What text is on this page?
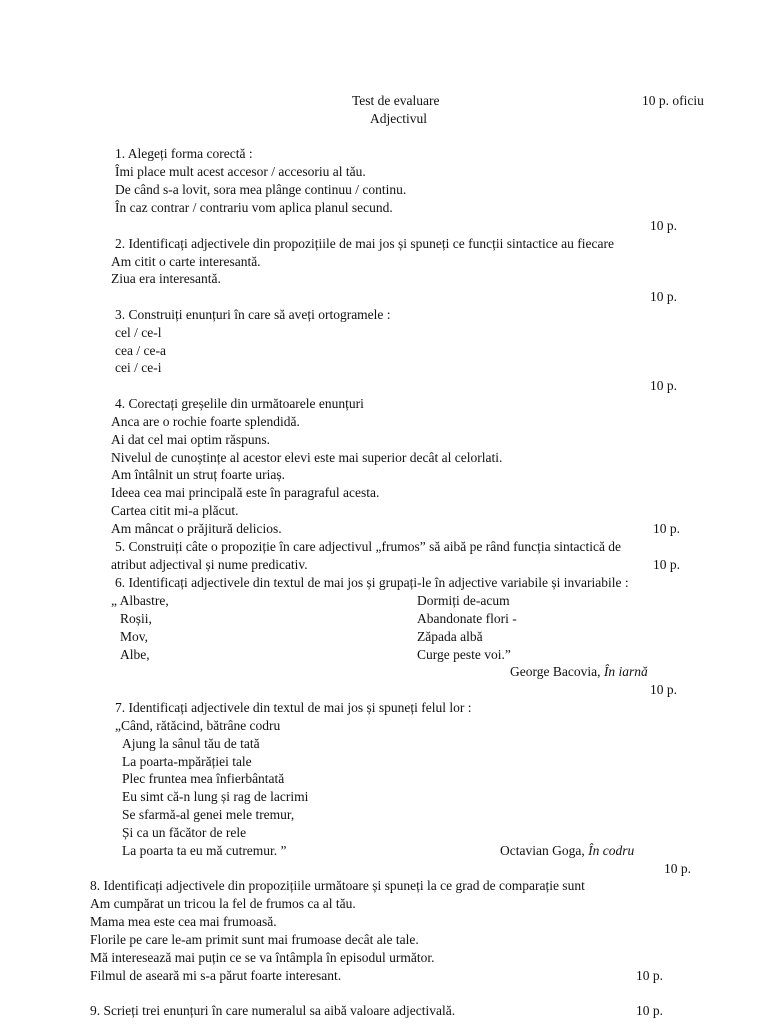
Test de evaluare	10 p. oficiu
Adjectivul
1. Alegeți forma corectă :
Îmi place mult acest accesor / accesoriu al tău.
De când s-a lovit, sora mea plânge continuu / continu.
În caz contrar / contrariu vom aplica planul secund.
10 p.
2. Identificați adjectivele din propozițiile de mai jos și spuneți ce funcții sintactice au fiecare
Am citit o carte interesantă.
Ziua era interesantă.
10 p.
3. Construiți enunțuri în care să aveți ortogramele :
cel / ce-l
cea / ce-a
cei / ce-i
10 p.
4. Corectați greșelile din următoarele enunțuri
Anca are o rochie foarte splendidă.
Ai dat cel mai optim răspuns.
Nivelul de cunoștințe al acestor elevi este mai superior decât al celorlati.
Am întâlnit un struț foarte uriaș.
Ideea cea mai principală este în paragraful acesta.
Cartea citit mi-a plăcut.
Am mâncat o prăjitură delicios.	10 p.
5. Construiți câte o propoziție în care adjectivul „frumos” să aibă pe rând funcția sintactică de
atribut adjectival și nume predicativ.	10 p.
6. Identificați adjectivele din textul de mai jos și grupați-le în adjective variabile și invariabile :
„ Albastre,
Roșii,
Mov,
Albe,
Dormiți de-acum
Abandonate flori -
Zăpada albă
Curge peste voi.”
George Bacovia, În iarnă
10 p.
7. Identificați adjectivele din textul de mai jos și spuneți felul lor :
„Când, rătăcind, bătrâne codru
Ajung la sânul tău de tată
La poarta-mpărăției tale
Plec fruntea mea înfierbântată
Eu simt că-n lung și rag de lacrimi
Se sfarmă-al genei mele tremur,
Și ca un făcător de rele
La poarta ta eu mă cutremur. ”	Octavian Goga, În codru
10 p.
8. Identificați adjectivele din propozițiile următoare și spuneți la ce grad de comparație sunt
Am cumpărat un tricou la fel de frumos ca al tău.
Mama mea este cea mai frumoasă.
Florile pe care le-am primit sunt mai frumoase decât ale tale.
Mă interesează mai puțin ce se va întâmpla în episodul următor.
Filmul de aseară mi s-a părut foarte interesant.	10 p.
9. Scrieți trei enunțuri în care numeralul sa aibă valoare adjectivală.	10 p.
